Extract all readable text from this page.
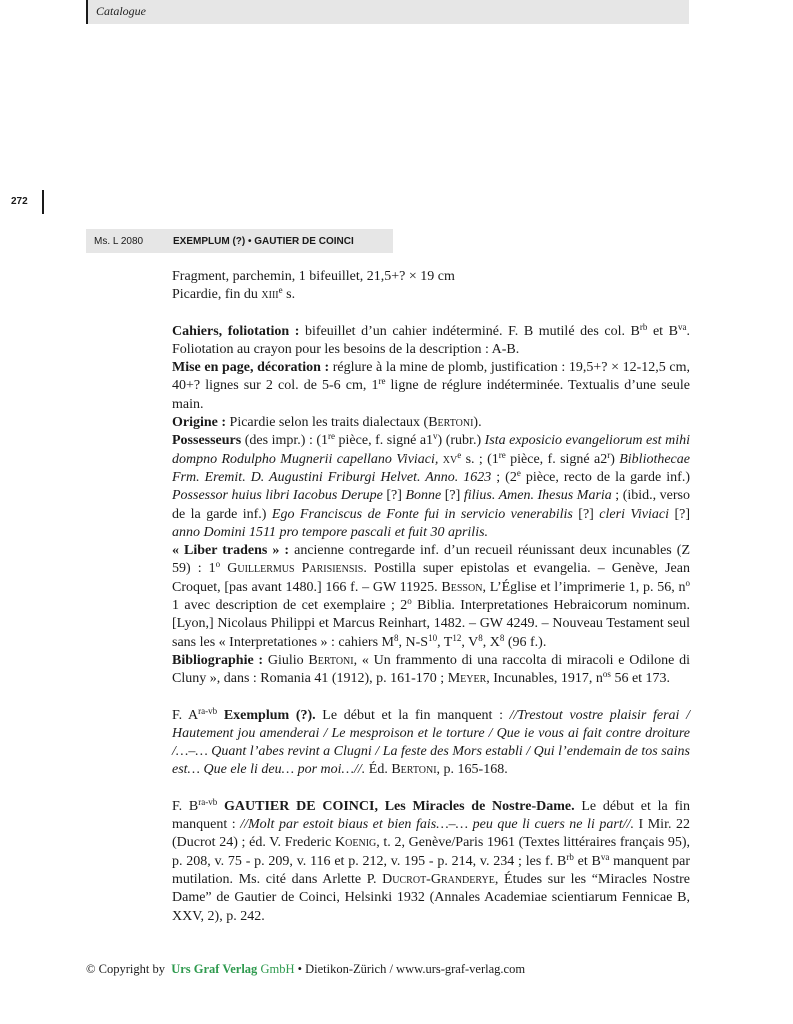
Catalogue
272
Ms. L 2080	EXEMPLUM (?) • GAUTIER DE COINCI

Fragment, parchemin, 1 bifeuillet, 21,5+? × 19 cm

Picardie, fin du xiii$^e$ s.

Cahiers, foliotation : bifeuillet d’un cahier indéterminé. F. B mutilé des col. $B^{rb}$ et $B^{va}$. Foliotation au crayon pour les besoins de la description : A-B.

Mise en page, décoration : réglure à la mine de plomb, justification : 19,5+? × 12-12,5 cm, 40+? lignes sur 2 col. de 5-6 cm, 1re ligne de réglure indéterminée. Textualis d’une seule main.

Origine : Picardie selon les traits dialectaux (Bertoni).

Possesseurs (des impr.) : (1re pièce, f. signé a1$^v$) (rubr.) Ista exposicio evangeliorum est mihi dompno Rodulpho Mugnerii capellano Viviaci, $xv^e$ s. ; (1re pièce, f. signé a2$^r$) Bibliothecae Frm. Eremit. D. Augustini Friburgi Helvet. Anno. 1623 ; (2e pièce, recto de la garde inf.) Possessor huius libri Iacobus Derupe [?] Bonne [?] filius. Amen. Ihesus Maria ; (ibid., verso de la garde inf.) Ego Franciscus de Fonte fui in servicio venerabilis [?] cleri Viviaci [?] anno Domini 1511 pro tempore pascali et fuit 30 aprilis.

« Liber tradens » : ancienne contregarde inf. d’un recueil réunissant deux incunables (Z 59) : 1$^o$ Guillermus Parisiensis. Postilla super epistolas et evangelia. – Genève, Jean Croquet, [pas avant 1480.] 166 f. – GW 11925. Besson, L’Église et l’imprimerie 1, p. 56, $n^o$ 1 avec description de cet exemplaire ; 2$^o$ Biblia. Interpretationes Hebraicorum nominum. [Lyon,] Nicolaus Philippi et Marcus Reinhart, 1482. – GW 4249. – Nouveau Testament seul sans les « Interpretationes » : cahiers $M^8$, $N-S^{10}$, $T^{12}$, $V^8$, $X^8$ (96 f.).

Bibliographie : Giulio Bertoni, « Un frammento di una raccolta di miracoli e Odilone di Cluny », dans : Romania 41 (1912), p. 161-170 ; Meyer, Incunables, 1917, $n^{os}$ 56 et 173.

F. $A^{ra-vb}$ Exemplum (?). Le début et la fin manquent : //Trestout vostre plaisir ferai / Hautement jou amenderai / Le mesproison et le torture / Que ie vous ai fait contre droiture /…–… Quant l’abes revint a Clugni / La feste des Mors establi / Qui l’endemain de tos sains est… Que ele li deu… por moi…//. Éd. Bertoni, p. 165-168.

F. $B^{ra-vb}$ GAUTIER DE COINCI, Les Miracles de Nostre-Dame. Le début et la fin manquent : //Molt par estoit biaus et bien fais…–… peu que li cuers ne li part//. I Mir. 22 (Ducrot 24) ; éd. V. Frederic Koenig, t. 2, Genève/Paris 1961 (Textes littéraires français 95), p. 208, v. 75 - p. 209, v. 116 et p. 212, v. 195 - p. 214, v. 234 ; les f. $B^{rb}$ et $B^{va}$ manquent par mutilation. Ms. cité dans Arlette P. Ducrot-Granderye, Études sur les “Miracles Nostre Dame” de Gautier de Coinci, Helsinki 1932 (Annales Academiae scientiarum Fennicae B, XXV, 2), p. 242.

© Copyright by  Urs Graf Verlag GmbH • Dietikon-Zürich / www.urs-graf-verlag.com
